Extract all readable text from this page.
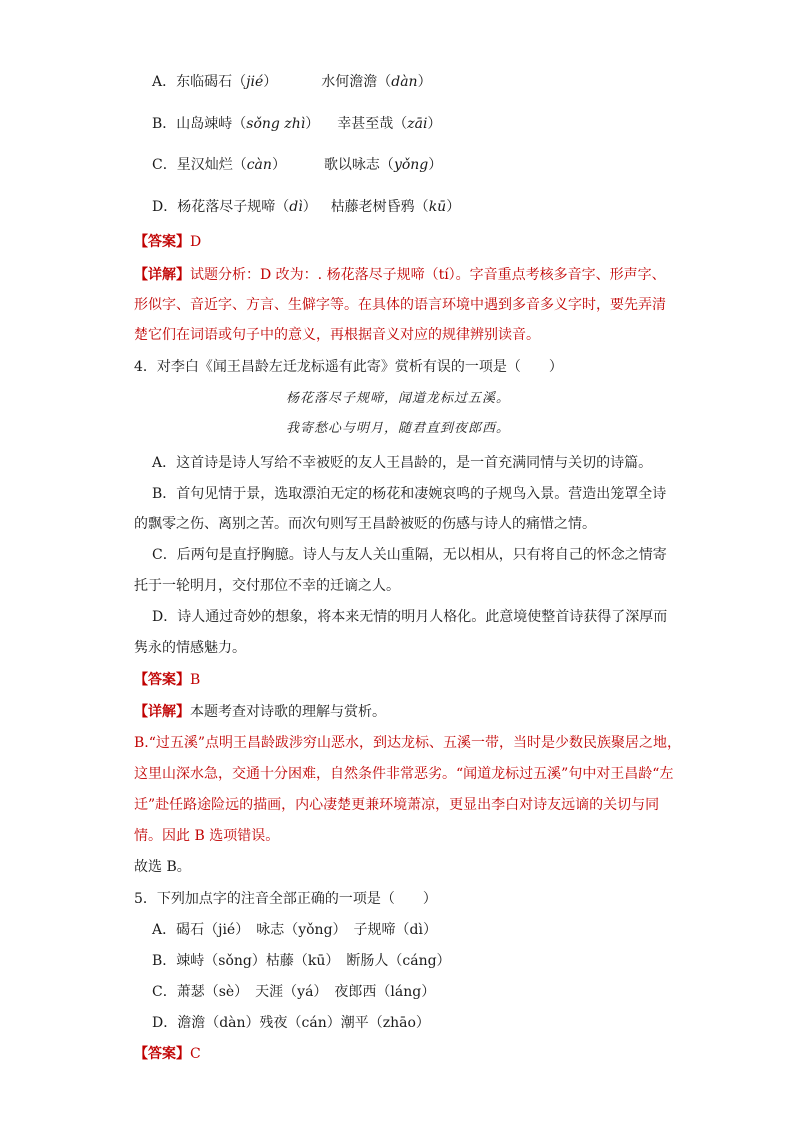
A．东临碣石（jié）	水何澹澹（dàn）
B．山岛竦峙（sǒng zhì） 幸甚至哉（zāi）
C．星汉灿烂（càn）	歌以咏志（yǒng）
D．杨花落尽子规啼（dì） 枯藤老树昏鸦（kū）
【答案】D
【详解】试题分析：D 改为：. 杨花落尽子规啼（tí）。字音重点考核多音字、形声字、
形似字、音近字、方言、生僻字等。在具体的语言环境中遇到多音多义字时，要先弄清
楚它们在词语或句子中的意义，再根据音义对应的规律辨别读音。
4．对李白《闻王昌龄左迁龙标遥有此寄》赏析有误的一项是（　　）
杨花落尽子规啼，闻道龙标过五溪。
我寄愁心与明月，随君直到夜郎西。
A．这首诗是诗人写给不幸被贬的友人王昌龄的，是一首充满同情与关切的诗篇。
B．首句见情于景，选取漂泊无定的杨花和凄婉哀鸣的子规鸟入景。营造出笼罩全诗
的飘零之伤、离别之苦。而次句则写王昌龄被贬的伤感与诗人的痛惜之情。
C．后两句是直抒胸臆。诗人与友人关山重隔，无以相从，只有将自己的怀念之情寄
托于一轮明月，交付那位不幸的迁谪之人。
D．诗人通过奇妙的想象，将本来无情的明月人格化。此意境使整首诗获得了深厚而
隽永的情感魅力。
【答案】B
【详解】本题考查对诗歌的理解与赏析。
B.“过五溪”点明王昌龄跋涉穷山恶水，到达龙标、五溪一带，当时是少数民族聚居之地，
这里山深水急，交通十分困难，自然条件非常恶劣。“闻道龙标过五溪”句中对王昌龄“左
迁”赴任路途险远的描画，内心凄楚更兼环境萧凉，更显出李白对诗友远谪的关切与同
情。因此 B 选项错误。
故选 B。
5．下列加点字的注音全部正确的一项是（　　）
A．碣石（jié）　咏志（yǒng）　子规啼（dì）
B．竦峙（sǒng）枯藤（kū）　断肠人（cáng）
C．萧瑟（sè）　天涯（yá）　夜郎西（láng）
D．澹澹（dàn）残夜（cán）潮平（zhāo）
【答案】C
